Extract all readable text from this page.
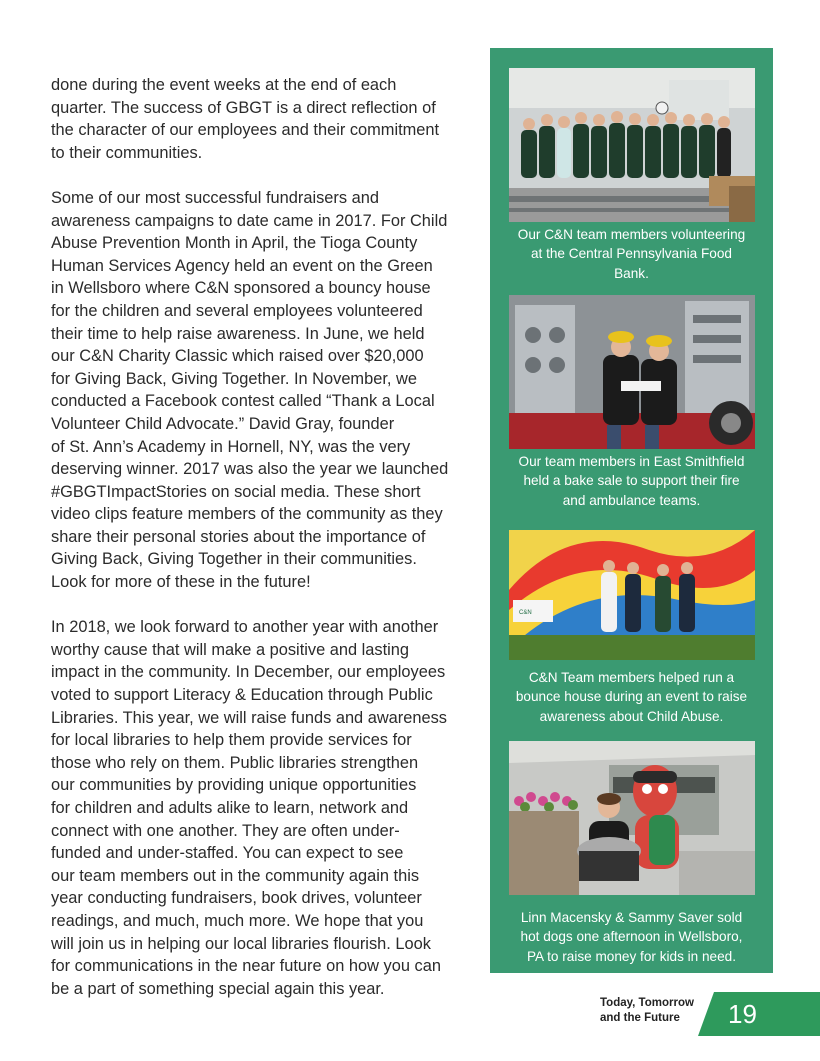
done during the event weeks at the end of each
quarter. The success of GBGT is a direct reflection of
the character of our employees and their commitment
to their communities.

Some of our most successful fundraisers and
awareness campaigns to date came in 2017. For Child
Abuse Prevention Month in April, the Tioga County
Human Services Agency held an event on the Green
in Wellsboro where C&N sponsored a bouncy house
for the children and several employees volunteered
their time to help raise awareness. In June, we held
our C&N Charity Classic which raised over $20,000
for Giving Back, Giving Together. In November, we
conducted a Facebook contest called “Thank a Local
Volunteer Child Advocate.” David Gray, founder
of St. Ann’s Academy in Hornell, NY, was the very
deserving winner. 2017 was also the year we launched
#GBGTImpactStories on social media. These short
video clips feature members of the community as they
share their personal stories about the importance of
Giving Back, Giving Together in their communities.
Look for more of these in the future!

In 2018, we look forward to another year with another
worthy cause that will make a positive and lasting
impact in the community. In December, our employees
voted to support Literacy & Education through Public
Libraries. This year, we will raise funds and awareness
for local libraries to help them provide services for
those who rely on them. Public libraries strengthen
our communities by providing unique opportunities
for children and adults alike to learn, network and
connect with one another. They are often under-
funded and under-staffed. You can expect to see
our team members out in the community again this
year conducting fundraisers, book drives, volunteer
readings, and much, much more. We hope that you
will join us in helping our local libraries flourish. Look
for communications in the near future on how you can
be a part of something special again this year.

Our C&N team members volunteering
at the Central Pennsylvania Food
Bank.
Our team members in East Smithfield
held a bake sale to support their fire
and ambulance teams.
C&N
C&N Team members helped run a
bounce house during an event to raise
awareness about Child Abuse.
Linn Macensky & Sammy Saver sold
hot dogs one afternoon in Wellsboro,
PA to raise money for kids in need.
Today, Tomorrow
and the Future	19
